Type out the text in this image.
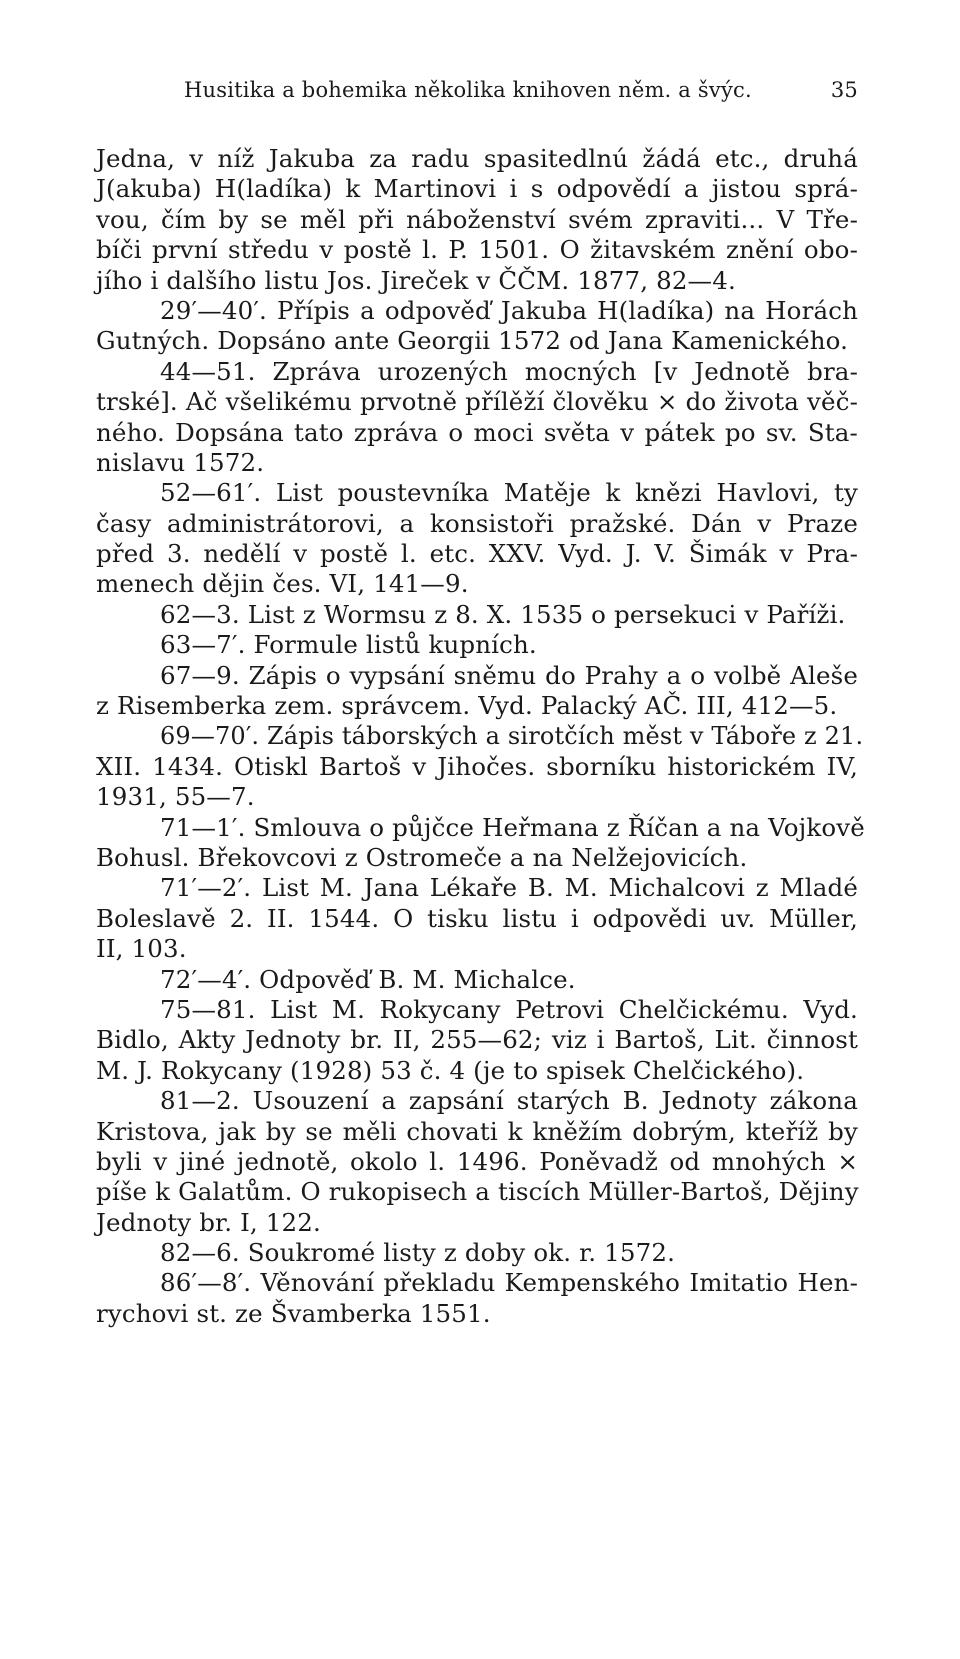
Husitika a bohemika několika knihoven něm. a švýc.	35
Jedna, v níž Jakuba za radu spasitedlnú žádá etc., druhá
J(akuba) H(ladíka) k Martinovi i s odpovědí a jistou sprá-
vou, čím by se měl při náboženství svém zpraviti... V Tře-
bíči první středu v postě l. P. 1501. O žitavském znění obo-
jího i dalšího listu Jos. Jireček v ČČM. 1877, 82—4.
29′—40′. Přípis a odpověď Jakuba H(ladíka) na Horách
Gutných. Dopsáno ante Georgii 1572 od Jana Kamenického.
44—51. Zpráva urozených mocných [v Jednotě bra-
trské]. Ač všelikému prvotně přílěží člověku × do života věč-
ného. Dopsána tato zpráva o moci světa v pátek po sv. Sta-
nislavu 1572.
52—61′. List poustevníka Matěje k knězi Havlovi, ty
časy administrátorovi, a konsistoři pražské. Dán v Praze
před 3. nedělí v postě l. etc. XXV. Vyd. J. V. Šimák v Pra-
menech dějin čes. VI, 141—9.
62—3. List z Wormsu z 8. X. 1535 o persekuci v Paříži.
63—7′. Formule listů kupních.
67—9. Zápis o vypsání sněmu do Prahy a o volbě Aleše
z Risemberka zem. správcem. Vyd. Palacký AČ. III, 412—5.
69—70′. Zápis táborských a sirotčích měst v Táboře z 21.
XII. 1434. Otiskl Bartoš v Jihočes. sborníku historickém IV,
1931, 55—7.
71—1′. Smlouva o půjčce Heřmana z Říčan a na Vojkově
Bohusl. Břekovcovi z Ostromeče a na Nelžejovicích.
71′—2′. List M. Jana Lékaře B. M. Michalcovi z Mladé
Boleslavě 2. II. 1544. O tisku listu i odpovědi uv. Müller,
II, 103.
72′—4′. Odpověď B. M. Michalce.
75—81. List M. Rokycany Petrovi Chelčickému. Vyd.
Bidlo, Akty Jednoty br. II, 255—62; viz i Bartoš, Lit. činnost
M. J. Rokycany (1928) 53 č. 4 (je to spisek Chelčického).
81—2. Usouzení a zapsání starých B. Jednoty zákona
Kristova, jak by se měli chovati k kněžím dobrým, kteříž by
byli v jiné jednotě, okolo l. 1496. Poněvadž od mnohých ×
píše k Galatům. O rukopisech a tiscích Müller-Bartoš, Dějiny
Jednoty br. I, 122.
82—6. Soukromé listy z doby ok. r. 1572.
86′—8′. Věnování překladu Kempenského Imitatio Hen-
rychovi st. ze Švamberka 1551.
